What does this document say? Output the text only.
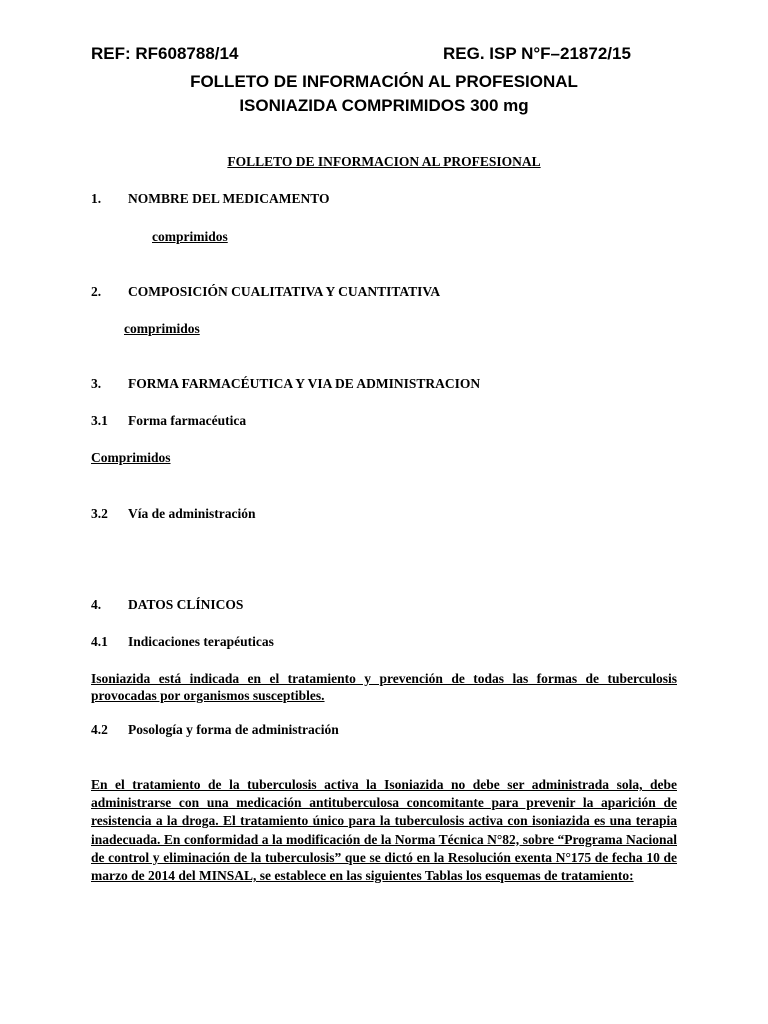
REF: RF608788/14	REG. ISP N°F–21872/15
FOLLETO DE INFORMACIÓN AL PROFESIONAL
ISONIAZIDA COMPRIMIDOS 300 mg
FOLLETO DE INFORMACION AL PROFESIONAL
1. NOMBRE DEL MEDICAMENTO
comprimidos
2. COMPOSICIÓN CUALITATIVA Y CUANTITATIVA
comprimidos
3. FORMA FARMACÉUTICA Y VIA DE ADMINISTRACION
3.1 Forma farmacéutica
Comprimidos
3.2 Vía de administración
4. DATOS CLÍNICOS
4.1 Indicaciones terapéuticas
Isoniazida está indicada en el tratamiento y prevención de todas las formas de tuberculosis provocadas por organismos susceptibles.
4.2 Posología y forma de administración
En el tratamiento de la tuberculosis activa la Isoniazida no debe ser administrada sola, debe administrarse con una medicación antituberculosa concomitante para prevenir la aparición de resistencia a la droga. El tratamiento único para la tuberculosis activa con isoniazida es una terapia inadecuada. En conformidad a la modificación de la Norma Técnica N°82, sobre “Programa Nacional de control y eliminación de la tuberculosis” que se dictó en la Resolución exenta N°175 de fecha 10 de marzo de 2014 del MINSAL, se establece en las siguientes Tablas los esquemas de tratamiento:
